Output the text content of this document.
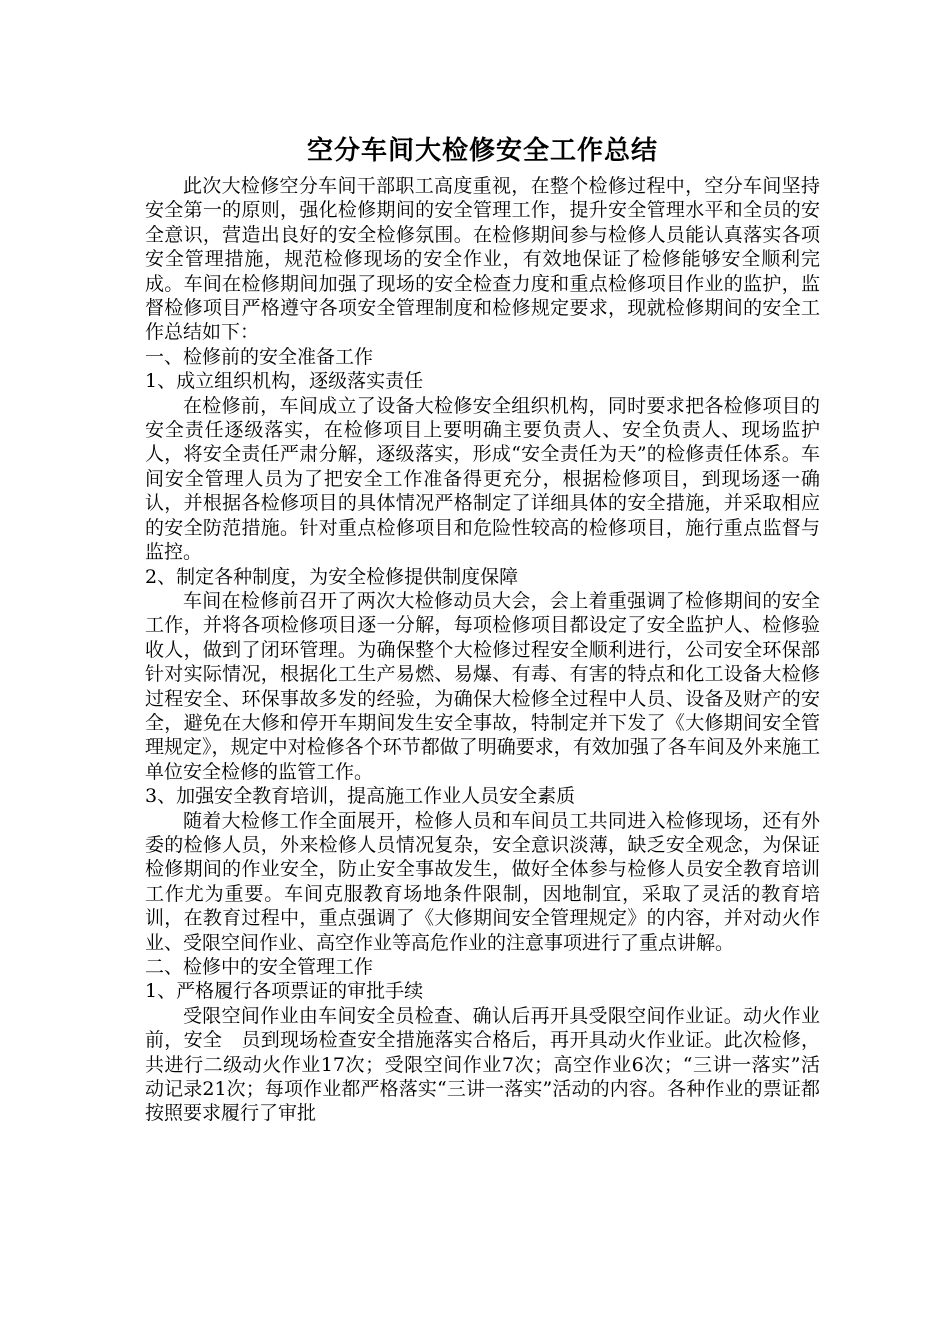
空分车间大检修安全工作总结

此次大检修空分车间干部职工高度重视，在整个检修过程中，空分车间坚持安全第一的原则，强化检修期间的安全管理工作，提升安全管理水平和全员的安全意识，营造出良好的安全检修氛围。在检修期间参与检修人员能认真落实各项安全管理措施，规范检修现场的安全作业，有效地保证了检修能够安全顺利完成。车间在检修期间加强了现场的安全检查力度和重点检修项目作业的监护，监督检修项目严格遵守各项安全管理制度和检修规定要求，现就检修期间的安全工作总结如下：

一、检修前的安全准备工作

1、成立组织机构，逐级落实责任

在检修前，车间成立了设备大检修安全组织机构，同时要求把各检修项目的安全责任逐级落实，在检修项目上要明确主要负责人、安全负责人、现场监护人，将安全责任严肃分解，逐级落实，形成“安全责任为天”的检修责任体系。车间安全管理人员为了把安全工作准备得更充分，根据检修项目，到现场逐一确认，并根据各检修项目的具体情况严格制定了详细具体的安全措施，并采取相应的安全防范措施。针对重点检修项目和危险性较高的检修项目，施行重点监督与监控。

2、制定各种制度，为安全检修提供制度保障

车间在检修前召开了两次大检修动员大会，会上着重强调了检修期间的安全工作，并将各项检修项目逐一分解，每项检修项目都设定了安全监护人、检修验收人，做到了闭环管理。为确保整个大检修过程安全顺利进行，公司安全环保部针对实际情况，根据化工生产易燃、易爆、有毒、有害的特点和化工设备大检修过程安全、环保事故多发的经验，为确保大检修全过程中人员、设备及财产的安全，避免在大修和停开车期间发生安全事故，特制定并下发了《大修期间安全管理规定》，规定中对检修各个环节都做了明确要求，有效加强了各车间及外来施工单位安全检修的监管工作。

3、加强安全教育培训，提高施工作业人员安全素质

随着大检修工作全面展开，检修人员和车间员工共同进入检修现场，还有外委的检修人员，外来检修人员情况复杂，安全意识淡薄，缺乏安全观念，为保证检修期间的作业安全，防止安全事故发生，做好全体参与检修人员安全教育培训工作尤为重要。车间克服教育场地条件限制，因地制宜，采取了灵活的教育培训，在教育过程中，重点强调了《大修期间安全管理规定》的内容，并对动火作业、受限空间作业、高空作业等高危作业的注意事项进行了重点讲解。

二、检修中的安全管理工作

1、严格履行各项票证的审批手续

受限空间作业由车间安全员检查、确认后再开具受限空间作业证。动火作业前，安全　员到现场检查安全措施落实合格后，再开具动火作业证。此次检修，共进行二级动火作业17次；受限空间作业7次；高空作业6次；“三讲一落实”活动记录21次；每项作业都严格落实“三讲一落实”活动的内容。各种作业的票证都按照要求履行了审批
